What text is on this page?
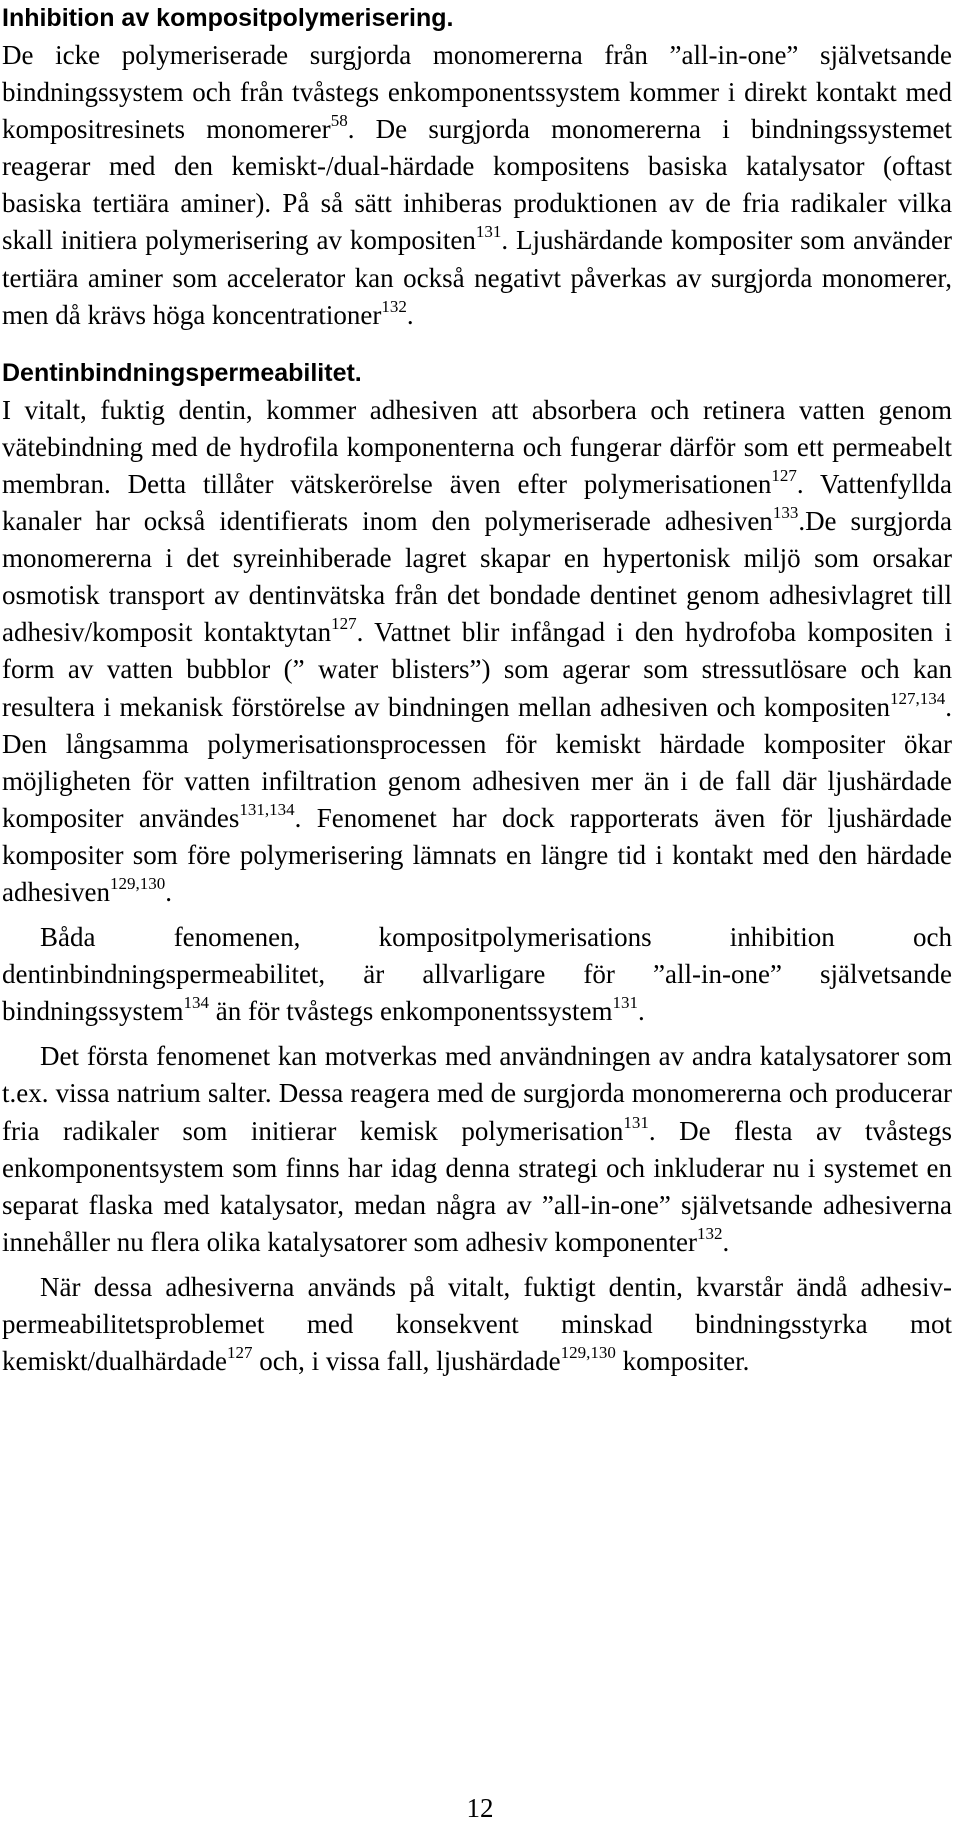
Inhibition av kompositpolymerisering.

De icke polymeriserade surgjorda monomererna från ”all-in-one” självetsande bindningssystem och från tvåstegs enkomponentssystem kommer i direkt kontakt med kompositresinets monomerer$^{58}$. De surgjorda monomererna i bindningssystemet reagerar med den kemiskt-/dual-härdade kompositens basiska katalysator (oftast basiska tertiära aminer). På så sätt inhiberas produktionen av de fria radikaler vilka skall initiera polymerisering av kompositen$^{131}$. Ljushärdande kompositer som använder tertiära aminer som accelerator kan också negativt påverkas av surgjorda monomerer, men då krävs höga koncentrationer$^{132}$.

Dentinbindningspermeabilitet.

I vitalt, fuktig dentin, kommer adhesiven att absorbera och retinera vatten genom vätebindning med de hydrofila komponenterna och fungerar därför som ett permeabelt membran. Detta tillåter vätskerörelse även efter polymerisationen$^{127}$. Vattenfyllda kanaler har också identifierats inom den polymeriserade adhesiven$^{133}$.De surgjorda monomererna i det syreinhiberade lagret skapar en hypertonisk miljö som orsakar osmotisk transport av dentinvätska från det bondade dentinet genom adhesivlagret till adhesiv/komposit kontaktytan$^{127}$. Vattnet blir infångad i den hydrofoba kompositen i form av vatten bubblor (” water blisters”) som agerar som stressutlösare och kan resultera i mekanisk förstörelse av bindningen mellan adhesiven och kompositen$^{127,134}$. Den långsamma polymerisationsprocessen för kemiskt härdade kompositer ökar möjligheten för vatten infiltration genom adhesiven mer än i de fall där ljushärdade kompositer användes$^{131,134}$. Fenomenet har dock rapporterats även för ljushärdade kompositer som före polymerisering lämnats en längre tid i kontakt med den härdade adhesiven$^{129,130}$.

Båda fenomenen, kompositpolymerisations inhibition och dentinbindningspermeabilitet, är allvarligare för ”all-in-one” självetsande bindningssystem$^{134}$ än för tvåstegs enkomponentssystem$^{131}$.

Det första fenomenet kan motverkas med användningen av andra katalysatorer som t.ex. vissa natrium salter. Dessa reagera med de surgjorda monomererna och producerar fria radikaler som initierar kemisk polymerisation$^{131}$. De flesta av tvåstegs enkomponentsystem som finns har idag denna strategi och inkluderar nu i systemet en separat flaska med katalysator, medan några av ”all-in-one” självetsande adhesiverna innehåller nu flera olika katalysatorer som adhesiv komponenter$^{132}$.

När dessa adhesiverna används på vitalt, fuktigt dentin, kvarstår ändå adhesiv-permeabilitetsproblemet med konsekvent minskad bindningsstyrka mot kemiskt/dualhärdade$^{127}$ och, i vissa fall, ljushärdade$^{129,130}$ kompositer.

12
